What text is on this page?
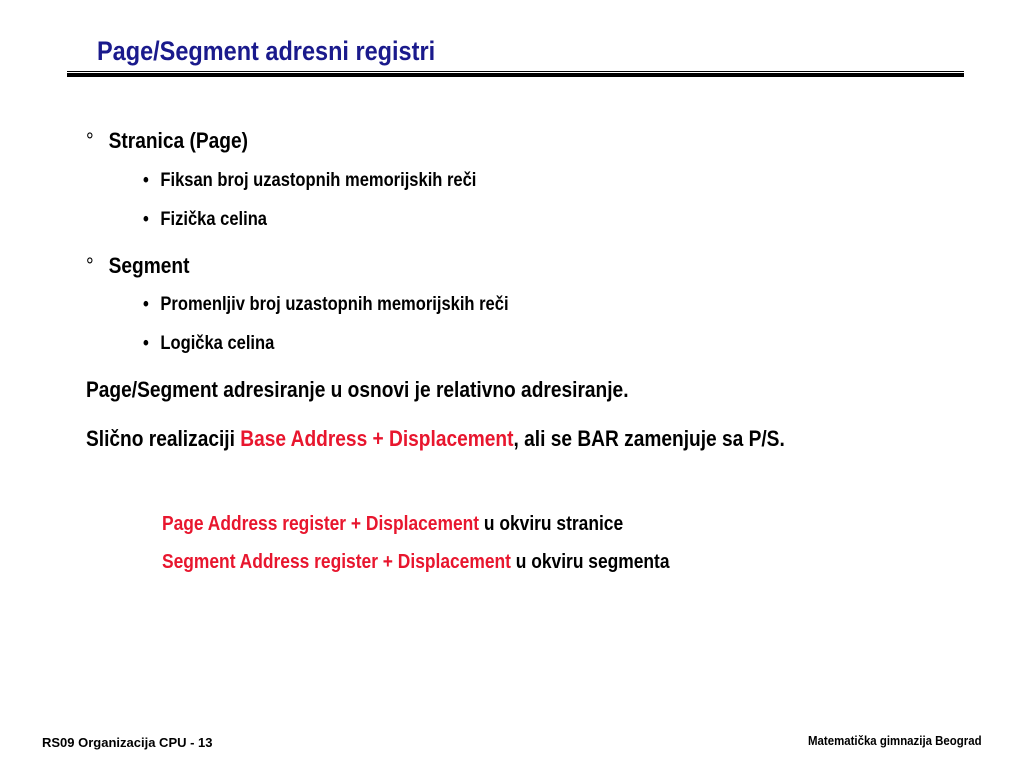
Page/Segment adresni registri
° Stranica (Page)
• Fiksan broj uzastopnih memorijskih reči
• Fizička celina
° Segment
• Promenljiv broj uzastopnih memorijskih reči
• Logička celina
Page/Segment adresiranje u osnovi je relativno adresiranje.
Slično realizaciji Base Address + Displacement, ali se BAR zamenjuje sa P/S.
Page Address register + Displacement u okviru stranice
Segment Address register + Displacement u okviru segmenta
RS09 Organizacija CPU - 13	Matematička gimnazija Beograd
